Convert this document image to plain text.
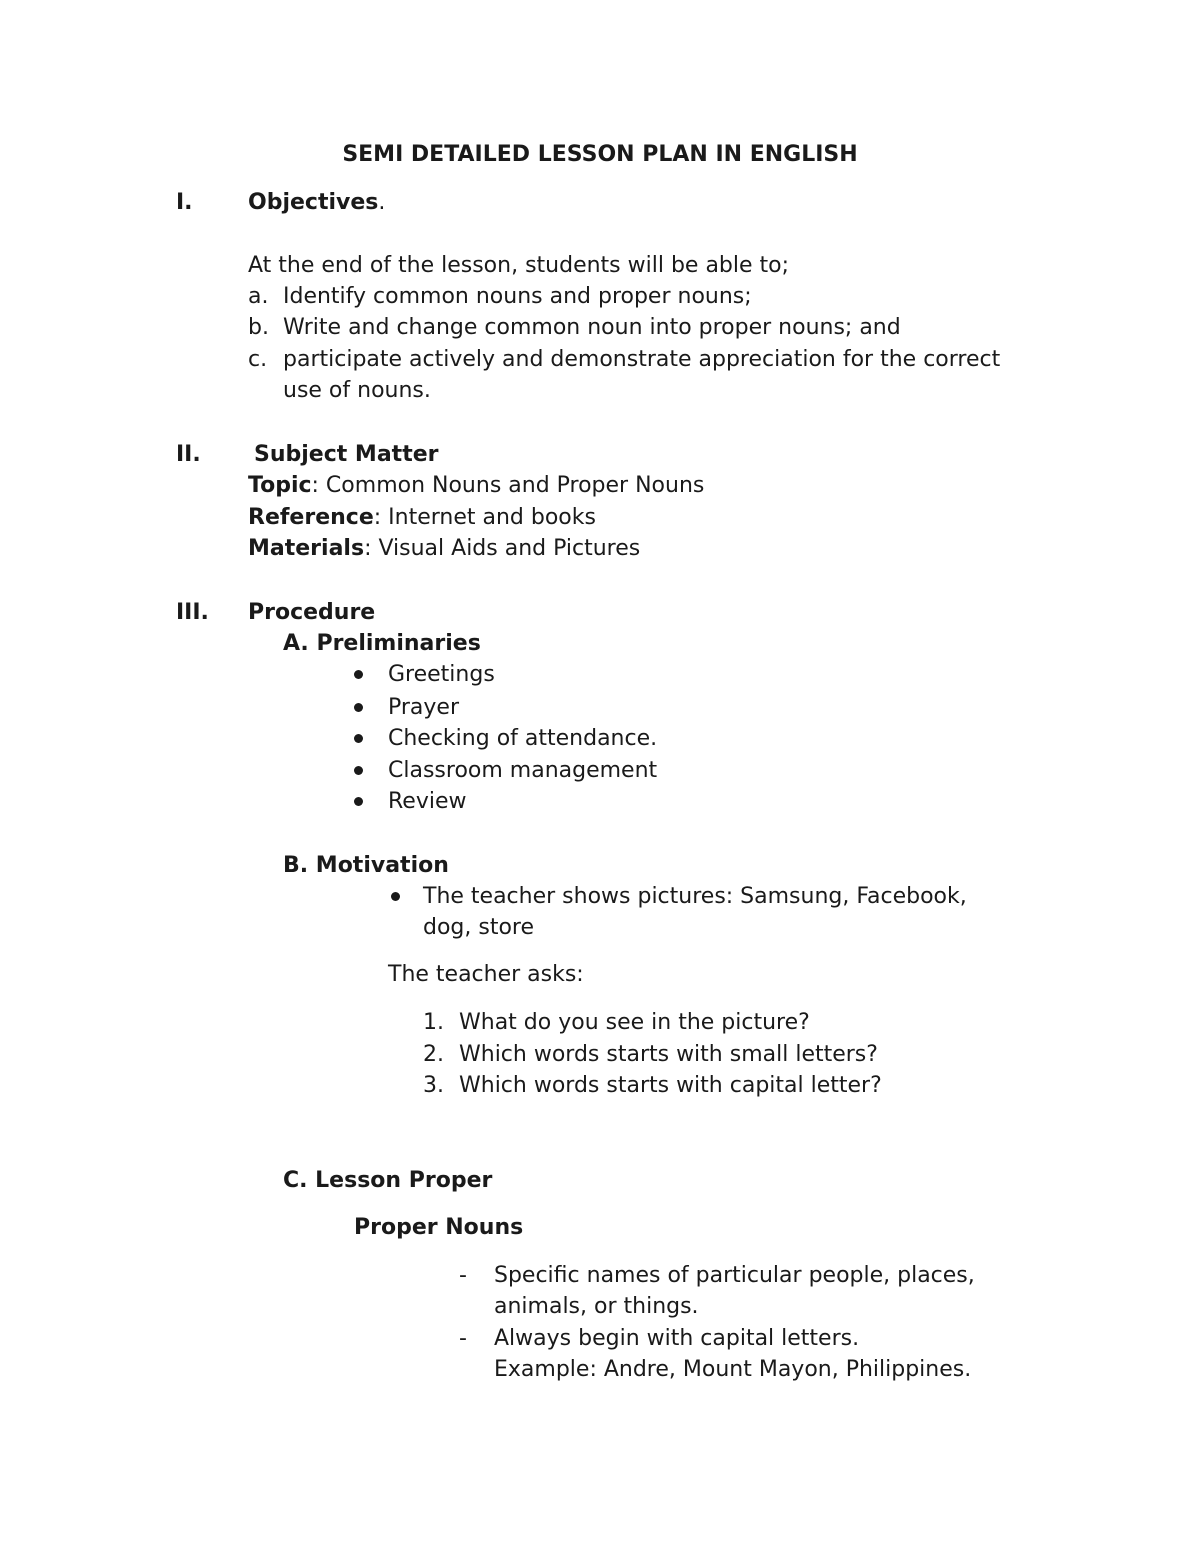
SEMI DETAILED LESSON PLAN IN ENGLISH
I.	Objectives.
At the end of the lesson, students will be able to;
a. Identify common nouns and proper nouns;
b. Write and change common noun into proper nouns; and
c. participate actively and demonstrate appreciation for the correct
use of nouns.
II. Subject Matter
Topic: Common Nouns and Proper Nouns
Reference: Internet and books
Materials: Visual Aids and Pictures
III. Procedure
A. Preliminaries
Greetings
Prayer
Checking of attendance.
Classroom management
Review
B. Motivation
The teacher shows pictures: Samsung, Facebook,
dog, store
The teacher asks:
1. What do you see in the picture?
2. Which words starts with small letters?
3. Which words starts with capital letter?
C. Lesson Proper
Proper Nouns
- Specific names of particular people, places,
animals, or things.
- Always begin with capital letters.
Example: Andre, Mount Mayon, Philippines.
